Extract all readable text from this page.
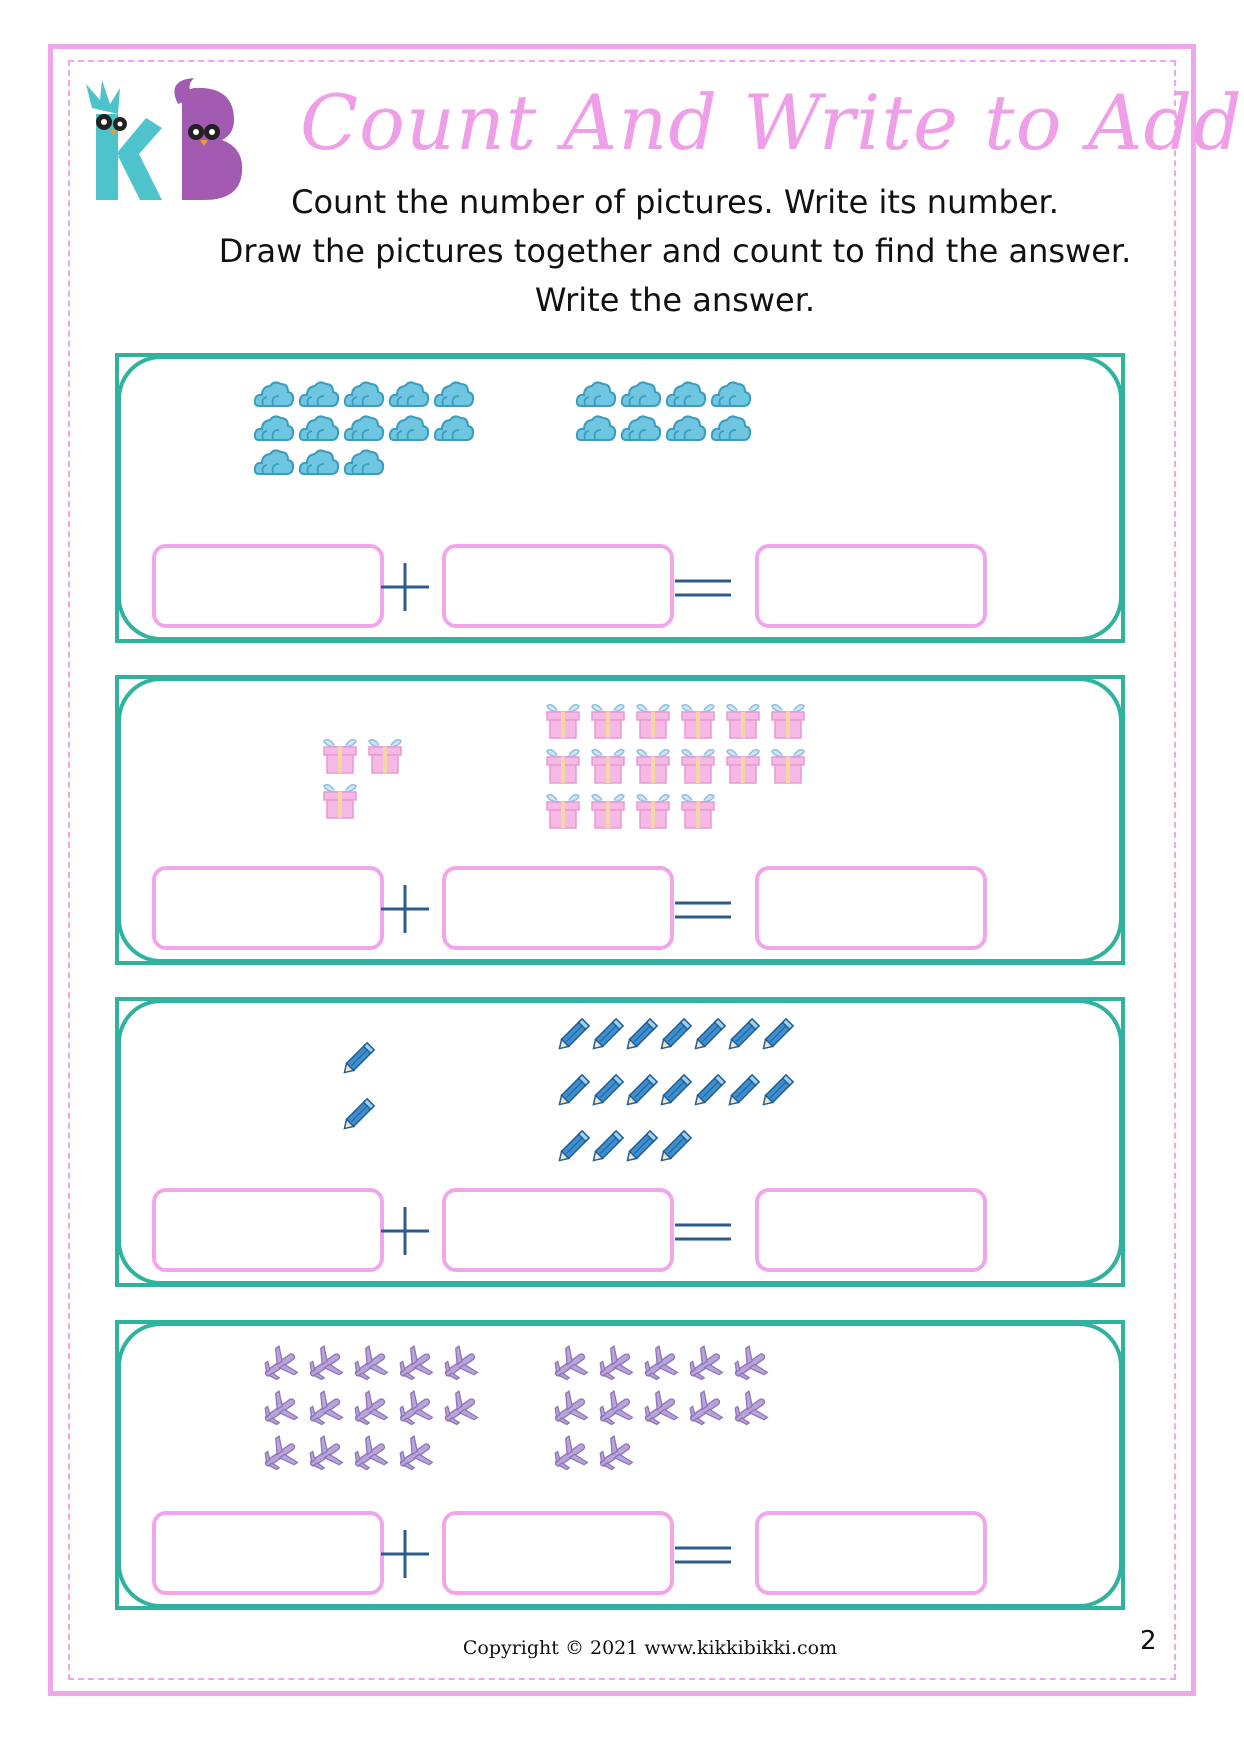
Count And Write to Add
Count the number of pictures. Write its number.
Draw the pictures together and count to find the answer.
Write the answer.
Copyright © 2021 www.kikkibikki.com	2
